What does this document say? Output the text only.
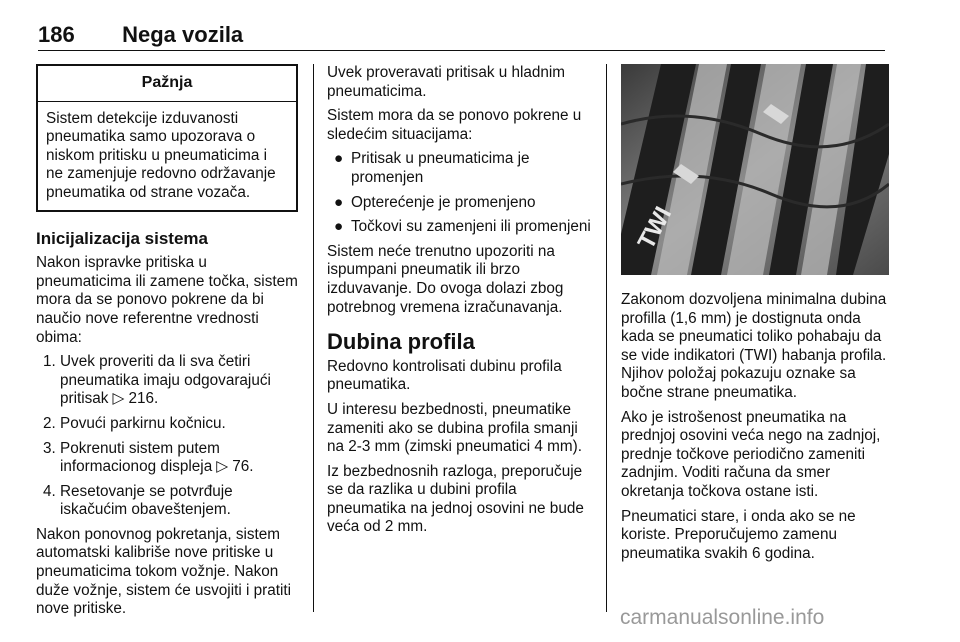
186 Nega vozila
Pažnja
Sistem detekcije izduvanosti pneumatika samo upozorava o niskom pritisku u pneumaticima i ne zamenjuje redovno održavanje pneumatika od strane vozača.
Inicijalizacija sistema

Nakon ispravke pritiska u pneumaticima ili zamene točka, sistem mora da se ponovo pokrene da bi naučio nove referentne vrednosti obima:

1. Uvek proveriti da li sva četiri pneumatika imaju odgovarajući pritisak ▷ 216.
2. Povući parkirnu kočnicu.
3. Pokrenuti sistem putem informacionog displeja ▷ 76.
4. Resetovanje se potvrđuje iskačućim obaveštenjem.

Nakon ponovnog pokretanja, sistem automatski kalibriše nove pritiske u pneumaticima tokom vožnje. Nakon duže vožnje, sistem će usvojiti i pratiti nove pritiske.

Uvek proveravati pritisak u hladnim pneumaticima.

Sistem mora da se ponovo pokrene u sledećim situacijama:

● Pritisak u pneumaticima je promenjen
● Opterećenje je promenjeno
● Točkovi su zamenjeni ili promenjeni

Sistem neće trenutno upozoriti na ispumpani pneumatik ili brzo izduvavanje. Do ovoga dolazi zbog potrebnog vremena izračunavanja.

Dubina profila

Redovno kontrolisati dubinu profila pneumatika.

U interesu bezbednosti, pneumatike zameniti ako se dubina profila smanji na 2-3 mm (zimski pneumatici 4 mm).

Iz bezbednosnih razloga, preporučuje se da razlika u dubini profila pneumatika na jednoj osovini ne bude veća od 2 mm.

TWI

Zakonom dozvoljena minimalna dubina profilla (1,6 mm) je dostignuta onda kada se pneumatici toliko pohabaju da se vide indikatori (TWI) habanja profila. Njihov položaj pokazuju oznake sa bočne strane pneumatika.

Ako je istrošenost pneumatika na prednjoj osovini veća nego na zadnjoj, prednje točkove periodično zameniti zadnjim. Voditi računa da smer okretanja točkova ostane isti.

Pneumatici stare, i onda ako se ne koriste. Preporučujemo zamenu pneumatika svakih 6 godina.

carmanualsonline.info
